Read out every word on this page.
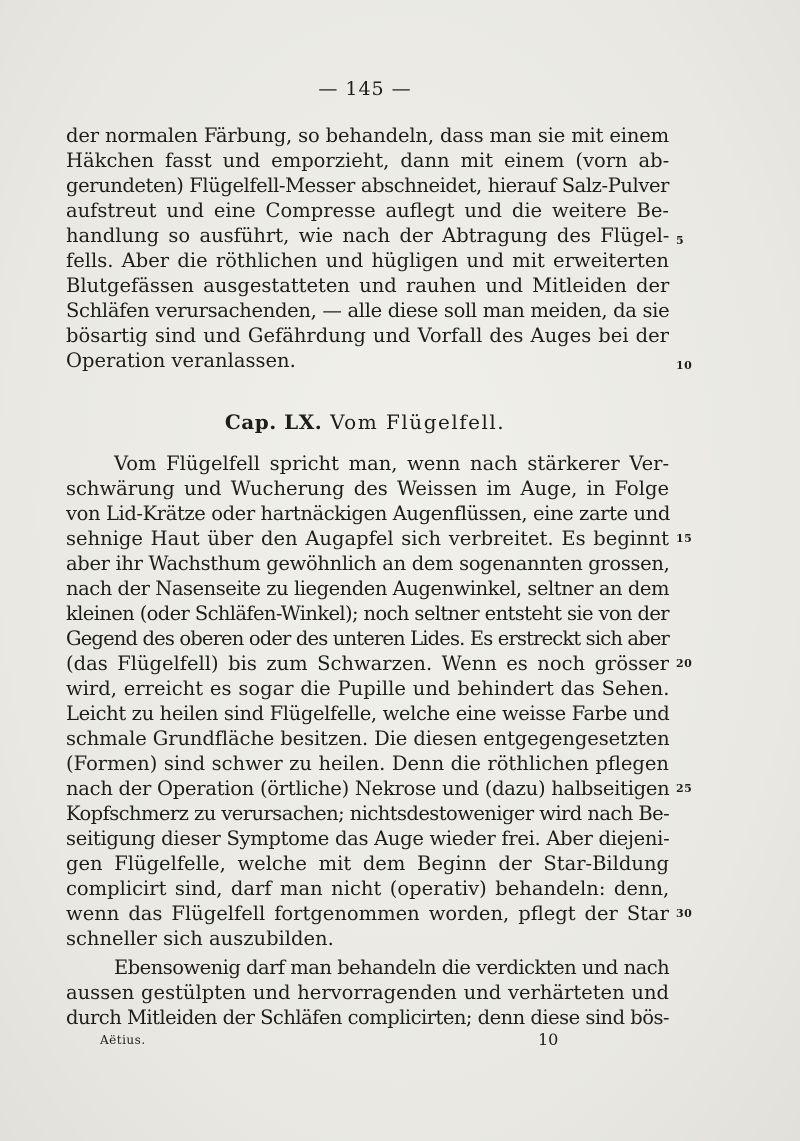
— 145 —
der normalen Färbung, so behandeln, dass man sie mit einem
Häkchen fasst und emporzieht, dann mit einem (vorn ab-
gerundeten) Flügelfell-Messer abschneidet, hierauf Salz-Pulver
aufstreut und eine Compresse auflegt und die weitere Be-
handlung so ausführt, wie nach der Abtragung des Flügel-
fells. Aber die röthlichen und hügligen und mit erweiterten
Blutgefässen ausgestatteten und rauhen und Mitleiden der
Schläfen verursachenden, — alle diese soll man meiden, da sie
bösartig sind und Gefährdung und Vorfall des Auges bei der
Operation veranlassen.
5
10
Cap. LX. Vom Flügelfell.
Vom Flügelfell spricht man, wenn nach stärkerer Ver-
schwärung und Wucherung des Weissen im Auge, in Folge
von Lid-Krätze oder hartnäckigen Augenflüssen, eine zarte und
sehnige Haut über den Augapfel sich verbreitet. Es beginnt
aber ihr Wachsthum gewöhnlich an dem sogenannten grossen,
nach der Nasenseite zu liegenden Augenwinkel, seltner an dem
kleinen (oder Schläfen-Winkel); noch seltner entsteht sie von der
Gegend des oberen oder des unteren Lides. Es erstreckt sich aber
(das Flügelfell) bis zum Schwarzen. Wenn es noch grösser
wird, erreicht es sogar die Pupille und behindert das Sehen.
Leicht zu heilen sind Flügelfelle, welche eine weisse Farbe und
schmale Grundfläche besitzen. Die diesen entgegengesetzten
(Formen) sind schwer zu heilen. Denn die röthlichen pflegen
nach der Operation (örtliche) Nekrose und (dazu) halbseitigen
Kopfschmerz zu verursachen; nichtsdestoweniger wird nach Be-
seitigung dieser Symptome das Auge wieder frei. Aber diejeni-
gen Flügelfelle, welche mit dem Beginn der Star-Bildung
complicirt sind, darf man nicht (operativ) behandeln: denn,
wenn das Flügelfell fortgenommen worden, pflegt der Star
schneller sich auszubilden.
15
20
25
30
Ebensowenig darf man behandeln die verdickten und nach
aussen gestülpten und hervorragenden und verhärteten und
durch Mitleiden der Schläfen complicirten; denn diese sind bös-
Aëtius.	10
